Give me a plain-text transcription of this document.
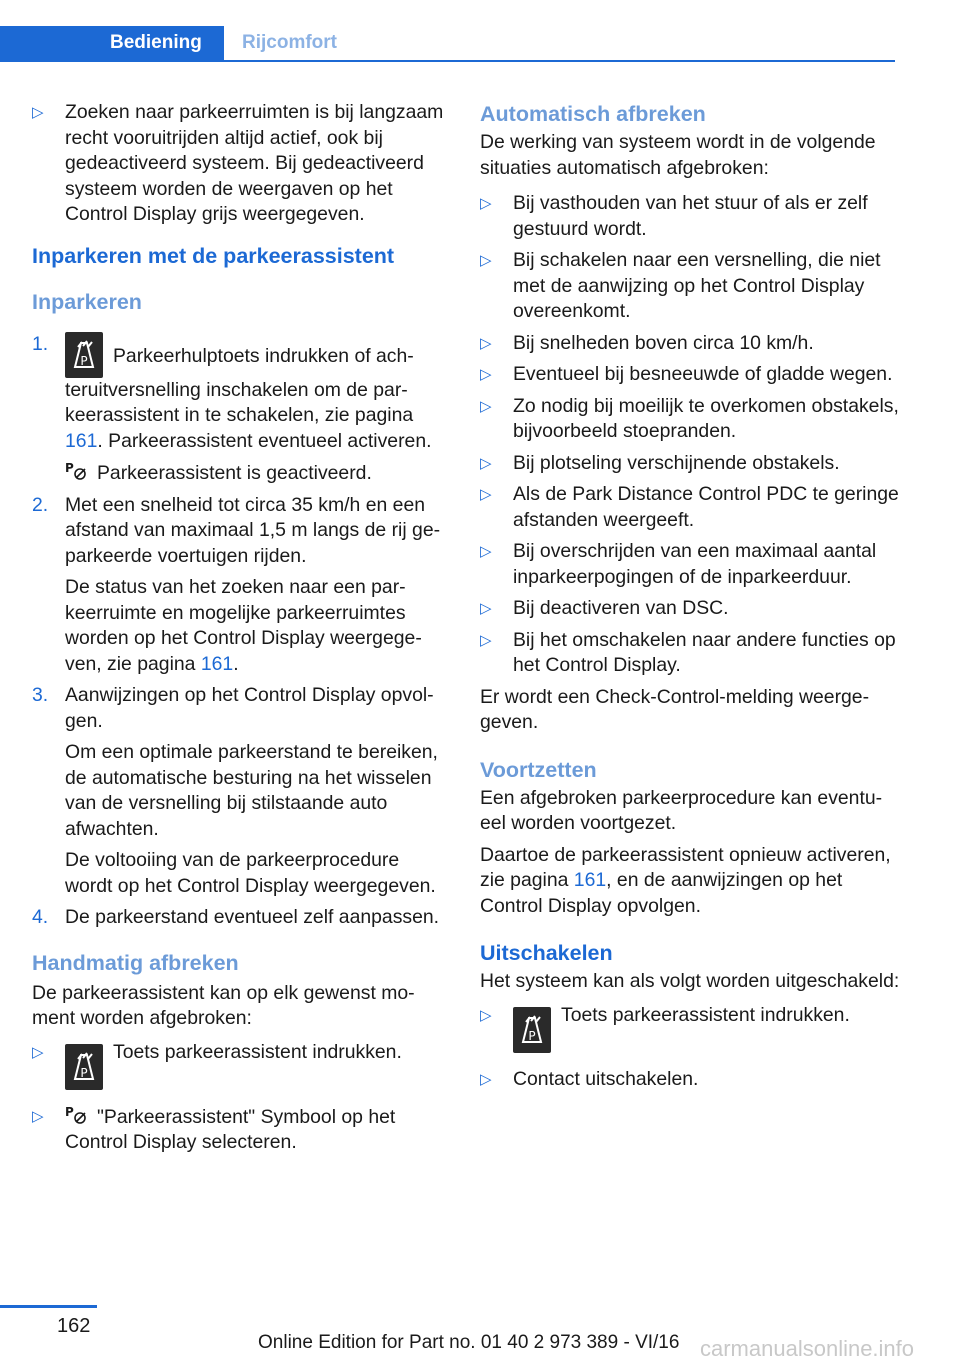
Bediening	Rijcomfort
▷ Zoeken naar parkeerruimten is bij langzaam recht vooruitrijden altijd actief, ook bij gedeactiveerd systeem. Bij gedeactiveerd systeem worden de weergaven op het Control Display grijs weergegeven.
Inparkeren met de parkeerassistent
Inparkeren
1.
P Parkeerhulptoets indrukken of achteruitversnelling inschakelen om de parkeerassistent in te schakelen, zie pagina 161. Parkeerassistent eventueel activeren.
P Parkeerassistent is geactiveerd.
2. Met een snelheid tot circa 35 km/h en een afstand van maximaal 1,5 m langs de rij geparkeerde voertuigen rijden.
De status van het zoeken naar een parkeerruimte en mogelijke parkeerruimtes worden op het Control Display weergegeven, zie pagina 161.
3. Aanwijzingen op het Control Display opvolgen.
Om een optimale parkeerstand te bereiken, de automatische besturing na het wisselen van de versnelling bij stilstaande auto afwachten.
De voltooiing van de parkeerprocedure wordt op het Control Display weergegeven.
4. De parkeerstand eventueel zelf aanpassen.
Handmatig afbreken

De parkeerassistent kan op elk gewenst moment worden afgebroken:

▷
P
Toets parkeerassistent indrukken.
▷ P "Parkeerassistent" Symbool op het Control Display selecteren.
Automatisch afbreken

De werking van systeem wordt in de volgende situaties automatisch afgebroken:

▷ Bij vasthouden van het stuur of als er zelf gestuurd wordt.
▷ Bij schakelen naar een versnelling, die niet met de aanwijzing op het Control Display overeenkomt.
▷ Bij snelheden boven circa 10 km/h.
▷ Eventueel bij besneeuwde of gladde wegen.
▷ Zo nodig bij moeilijk te overkomen obstakels, bijvoorbeeld stoepranden.
▷ Bij plotseling verschijnende obstakels.
▷ Als de Park Distance Control PDC te geringe afstanden weergeeft.
▷ Bij overschrijden van een maximaal aantal inparkeerpogingen of de inparkeerduur.
▷ Bij deactiveren van DSC.
▷ Bij het omschakelen naar andere functies op het Control Display.

Er wordt een Check-Control-melding weergegeven.

Voortzetten

Een afgebroken parkeerprocedure kan eventueel worden voortgezet.

Daartoe de parkeerassistent opnieuw activeren, zie pagina 161, en de aanwijzingen op het Control Display opvolgen.

Uitschakelen

Het systeem kan als volgt worden uitgeschakeld:

▷
P
Toets parkeerassistent indrukken.
▷ Contact uitschakelen.
162
Online Edition for Part no. 01 40 2 973 389 - VI/16 carmanualsonline.info
